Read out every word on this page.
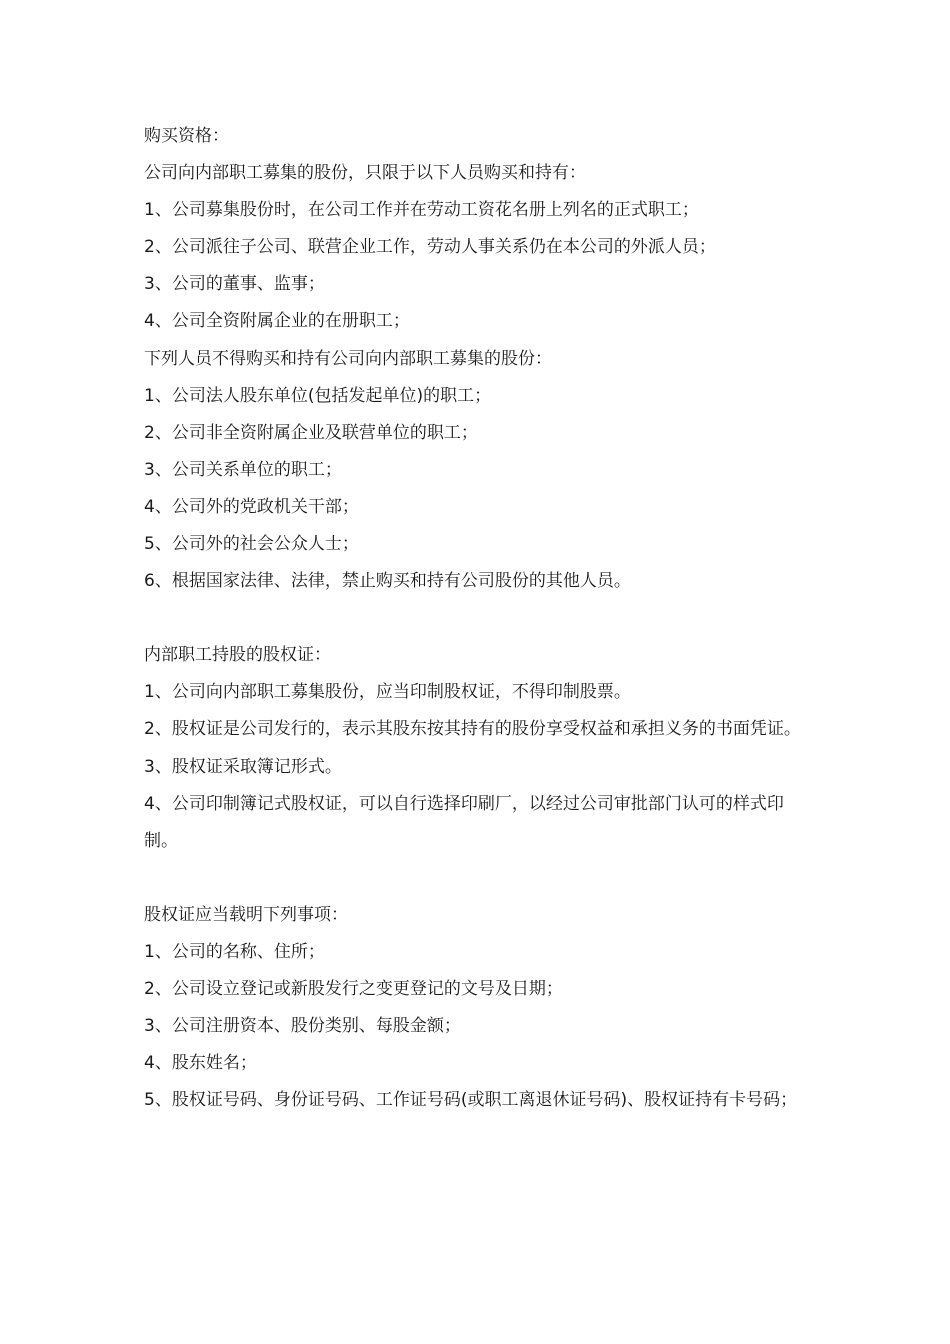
购买资格：

公司向内部职工募集的股份，只限于以下人员购买和持有：

1、公司募集股份时，在公司工作并在劳动工资花名册上列名的正式职工；

2、公司派往子公司、联营企业工作，劳动人事关系仍在本公司的外派人员；

3、公司的董事、监事；

4、公司全资附属企业的在册职工；

下列人员不得购买和持有公司向内部职工募集的股份：

1、公司法人股东单位(包括发起单位)的职工；

2、公司非全资附属企业及联营单位的职工；

3、公司关系单位的职工；

4、公司外的党政机关干部；

5、公司外的社会公众人士；

6、根据国家法律、法律，禁止购买和持有公司股份的其他人员。

内部职工持股的股权证：

1、公司向内部职工募集股份，应当印制股权证，不得印制股票。

2、股权证是公司发行的，表示其股东按其持有的股份享受权益和承担义务的书面凭证。

3、股权证采取簿记形式。

4、公司印制簿记式股权证，可以自行选择印刷厂，以经过公司审批部门认可的样式印制。

股权证应当载明下列事项：

1、公司的名称、住所；

2、公司设立登记或新股发行之变更登记的文号及日期；

3、公司注册资本、股份类别、每股金额；

4、股东姓名；

5、股权证号码、身份证号码、工作证号码(或职工离退休证号码)、股权证持有卡号码；
